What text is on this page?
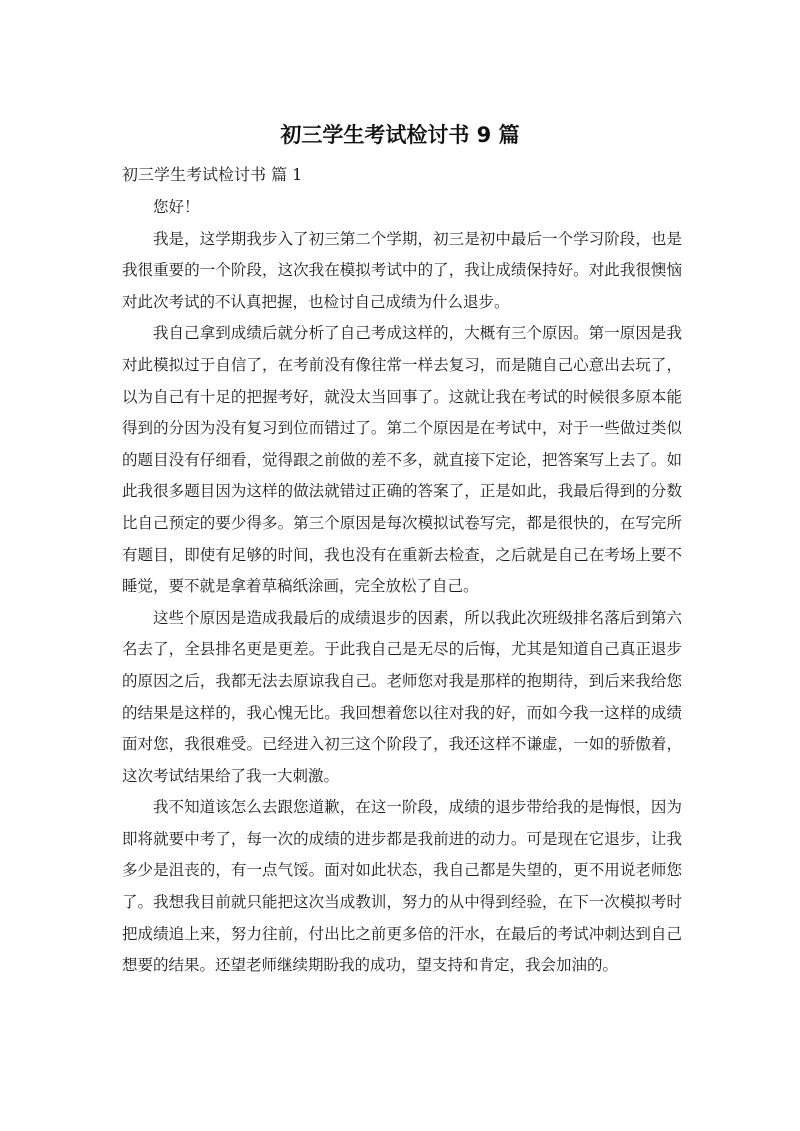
初三学生考试检讨书 9 篇
初三学生考试检讨书 篇 1

您好！

我是，这学期我步入了初三第二个学期，初三是初中最后一个学习阶段，也是我很重要的一个阶段，这次我在模拟考试中的了，我让成绩保持好。对此我很懊恼对此次考试的不认真把握，也检讨自己成绩为什么退步。

我自己拿到成绩后就分析了自己考成这样的，大概有三个原因。第一原因是我对此模拟过于自信了，在考前没有像往常一样去复习，而是随自己心意出去玩了，以为自己有十足的把握考好，就没太当回事了。这就让我在考试的时候很多原本能得到的分因为没有复习到位而错过了。第二个原因是在考试中，对于一些做过类似的题目没有仔细看，觉得跟之前做的差不多，就直接下定论，把答案写上去了。如此我很多题目因为这样的做法就错过正确的答案了，正是如此，我最后得到的分数比自己预定的要少得多。第三个原因是每次模拟试卷写完，都是很快的，在写完所有题目，即使有足够的时间，我也没有在重新去检查，之后就是自己在考场上要不睡觉，要不就是拿着草稿纸涂画，完全放松了自己。

这些个原因是造成我最后的成绩退步的因素，所以我此次班级排名落后到第六名去了，全县排名更是更差。于此我自己是无尽的后悔，尤其是知道自己真正退步的原因之后，我都无法去原谅我自己。老师您对我是那样的抱期待，到后来我给您的结果是这样的，我心愧无比。我回想着您以往对我的好，而如今我一这样的成绩面对您，我很难受。已经进入初三这个阶段了，我还这样不谦虚，一如的骄傲着，这次考试结果给了我一大刺激。

我不知道该怎么去跟您道歉，在这一阶段，成绩的退步带给我的是悔恨，因为即将就要中考了，每一次的成绩的进步都是我前进的动力。可是现在它退步，让我多少是沮丧的，有一点气馁。面对如此状态，我自己都是失望的，更不用说老师您了。我想我目前就只能把这次当成教训，努力的从中得到经验，在下一次模拟考时把成绩追上来，努力往前，付出比之前更多倍的汗水，在最后的考试冲刺达到自己想要的结果。还望老师继续期盼我的成功，望支持和肯定，我会加油的。
